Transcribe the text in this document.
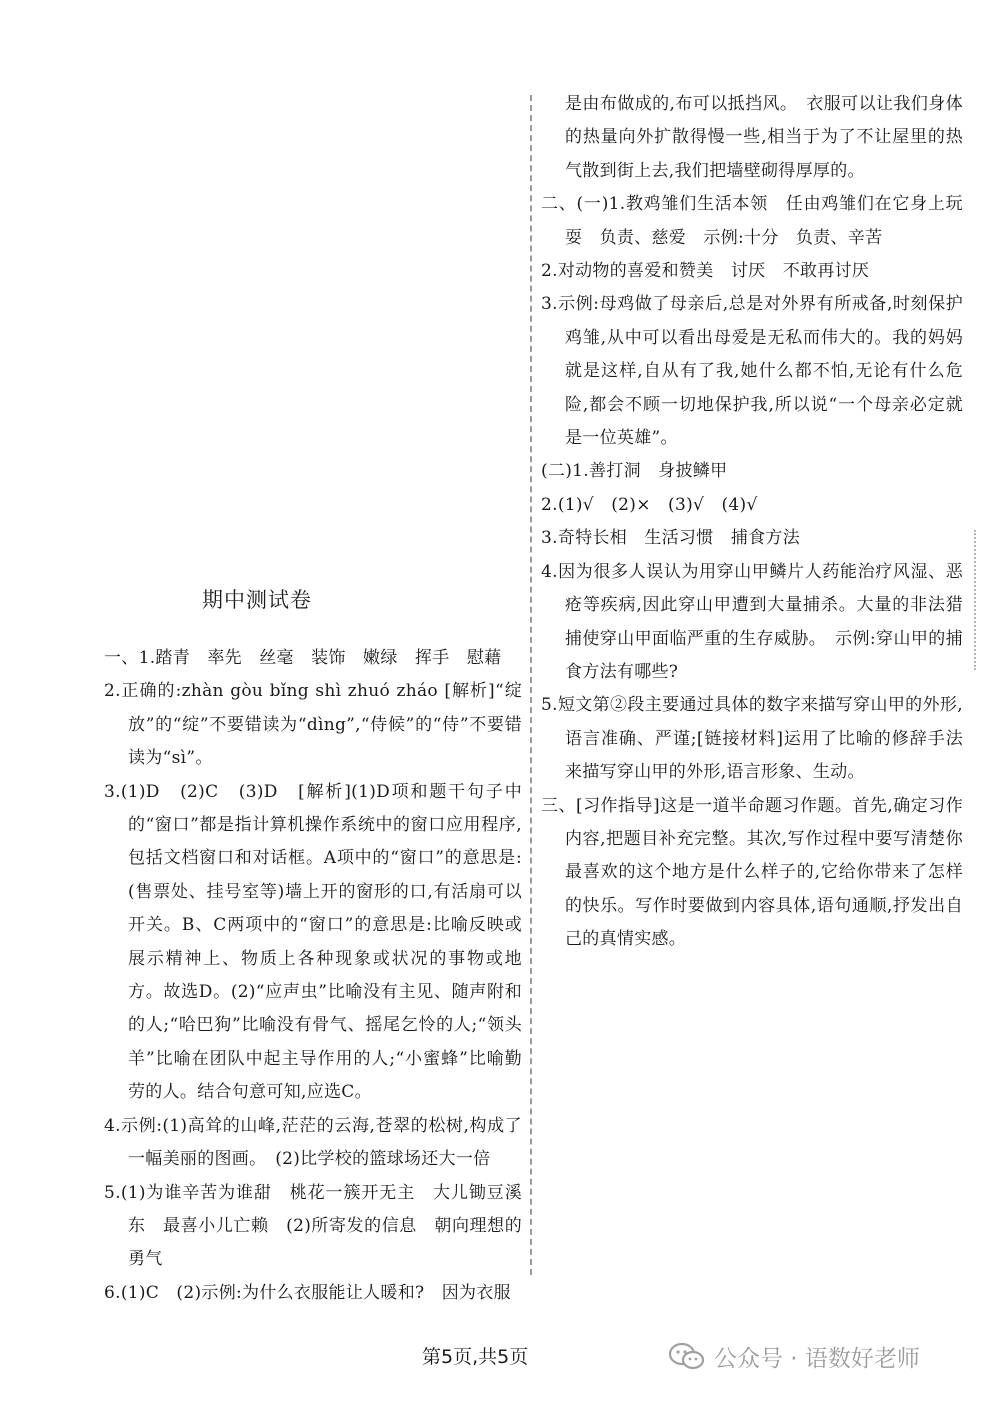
期中测试卷

一、1.踏青　率先　丝毫　装饰　嫩绿　挥手　慰藉

2.正确的:zhàn gòu bǐng shì zhuó zháo [解析]“绽放”的“绽”不要错读为“dìng”,“侍候”的“侍”不要错读为“sì”。

3.(1)D　(2)C　(3)D　[解析](1)D项和题干句子中的“窗口”都是指计算机操作系统中的窗口应用程序,包括文档窗口和对话框。A项中的“窗口”的意思是:(售票处、挂号室等)墙上开的窗形的口,有活扇可以开关。B、C两项中的“窗口”的意思是:比喻反映或展示精神上、物质上各种现象或状况的事物或地方。故选D。(2)“应声虫”比喻没有主见、随声附和的人;“哈巴狗”比喻没有骨气、摇尾乞怜的人;“领头羊”比喻在团队中起主导作用的人;“小蜜蜂”比喻勤劳的人。结合句意可知,应选C。

4.示例:(1)高耸的山峰,茫茫的云海,苍翠的松树,构成了一幅美丽的图画。　(2)比学校的篮球场还大一倍

5.(1)为谁辛苦为谁甜　桃花一簇开无主　大儿锄豆溪东　最喜小儿亡赖　(2)所寄发的信息　朝向理想的勇气

6.(1)C　(2)示例:为什么衣服能让人暖和?　因为衣服

是由布做成的,布可以抵挡风。　衣服可以让我们身体的热量向外扩散得慢一些,相当于为了不让屋里的热气散到街上去,我们把墙壁砌得厚厚的。

二、(一)1.教鸡雏们生活本领　任由鸡雏们在它身上玩耍　负责、慈爱　示例:十分　负责、辛苦

2.对动物的喜爱和赞美　讨厌　不敢再讨厌

3.示例:母鸡做了母亲后,总是对外界有所戒备,时刻保护鸡雏,从中可以看出母爱是无私而伟大的。我的妈妈就是这样,自从有了我,她什么都不怕,无论有什么危险,都会不顾一切地保护我,所以说“一个母亲必定就是一位英雄”。

(二)1.善打洞　身披鳞甲

2.(1)√　(2)×　(3)√　(4)√

3.奇特长相　生活习惯　捕食方法

4.因为很多人误认为用穿山甲鳞片人药能治疗风湿、恶疮等疾病,因此穿山甲遭到大量捕杀。大量的非法猎捕使穿山甲面临严重的生存威胁。　示例:穿山甲的捕食方法有哪些?

5.短文第②段主要通过具体的数字来描写穿山甲的外形,语言准确、严谨;[链接材料]运用了比喻的修辞手法来描写穿山甲的外形,语言形象、生动。

三、[习作指导]这是一道半命题习作题。首先,确定习作内容,把题目补充完整。其次,写作过程中要写清楚你最喜欢的这个地方是什么样子的,它给你带来了怎样的快乐。写作时要做到内容具体,语句通顺,抒发出自己的真情实感。

第5页,共5页	公众号 · 语数好老师
